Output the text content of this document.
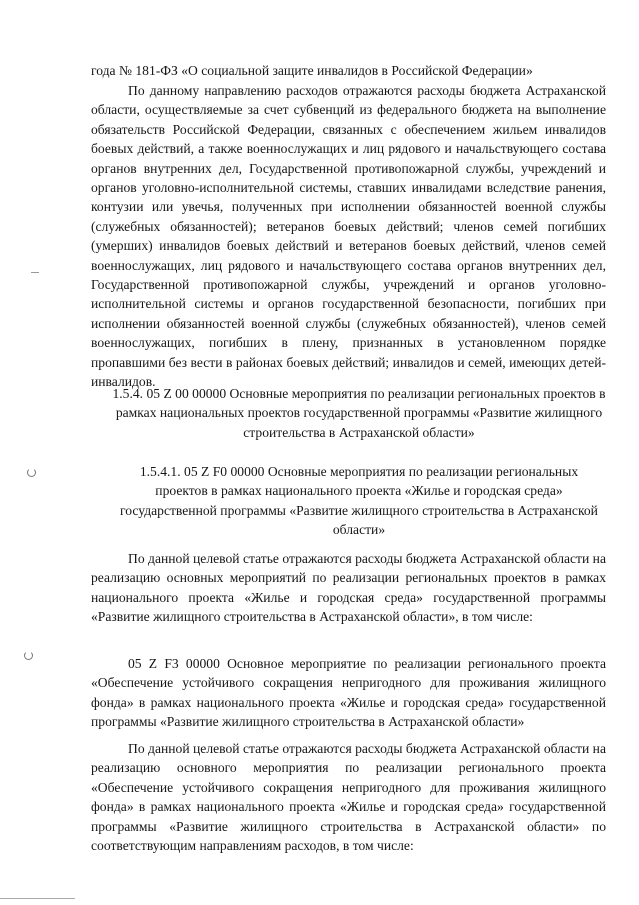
года № 181-ФЗ «О социальной защите инвалидов в Российской Федерации»

По данному направлению расходов отражаются расходы бюджета Астраханской области, осуществляемые за счет субвенций из федерального бюджета на выполнение обязательств Российской Федерации, связанных с обеспечением жильем инвалидов боевых действий, а также военнослужащих и лиц рядового и начальствующего состава органов внутренних дел, Государственной противопожарной службы, учреждений и органов уголовно-исполнительной системы, ставших инвалидами вследствие ранения, контузии или увечья, полученных при исполнении обязанностей военной службы (служебных обязанностей); ветеранов боевых действий; членов семей погибших (умерших) инвалидов боевых действий и ветеранов боевых действий, членов семей военнослужащих, лиц рядового и начальствующего состава органов внутренних дел, Государственной противопожарной службы, учреждений и органов уголовно-исполнительной системы и органов государственной безопасности, погибших при исполнении обязанностей военной службы (служебных обязанностей), членов семей военнослужащих, погибших в плену, признанных в установленном порядке пропавшими без вести в районах боевых действий; инвалидов и семей, имеющих детей-инвалидов.

1.5.4. 05 Z 00 00000 Основные мероприятия по реализации региональных проектов в рамках национальных проектов государственной программы «Развитие жилищного строительства в Астраханской области»

1.5.4.1. 05 Z F0 00000 Основные мероприятия по реализации региональных проектов в рамках национального проекта «Жилье и городская среда» государственной программы «Развитие жилищного строительства в Астраханской области»

По данной целевой статье отражаются расходы бюджета Астраханской области на реализацию основных мероприятий по реализации региональных проектов в рамках национального проекта «Жилье и городская среда» государственной программы «Развитие жилищного строительства в Астраханской области», в том числе:

05 Z F3 00000 Основное мероприятие по реализации регионального проекта «Обеспечение устойчивого сокращения непригодного для проживания жилищного фонда» в рамках национального проекта «Жилье и городская среда» государственной программы «Развитие жилищного строительства в Астраханской области»

По данной целевой статье отражаются расходы бюджета Астраханской области на реализацию основного мероприятия по реализации регионального проекта «Обеспечение устойчивого сокращения непригодного для проживания жилищного фонда» в рамках национального проекта «Жилье и городская среда» государственной программы «Развитие жилищного строительства в Астраханской области» по соответствующим направлениям расходов, в том числе:
